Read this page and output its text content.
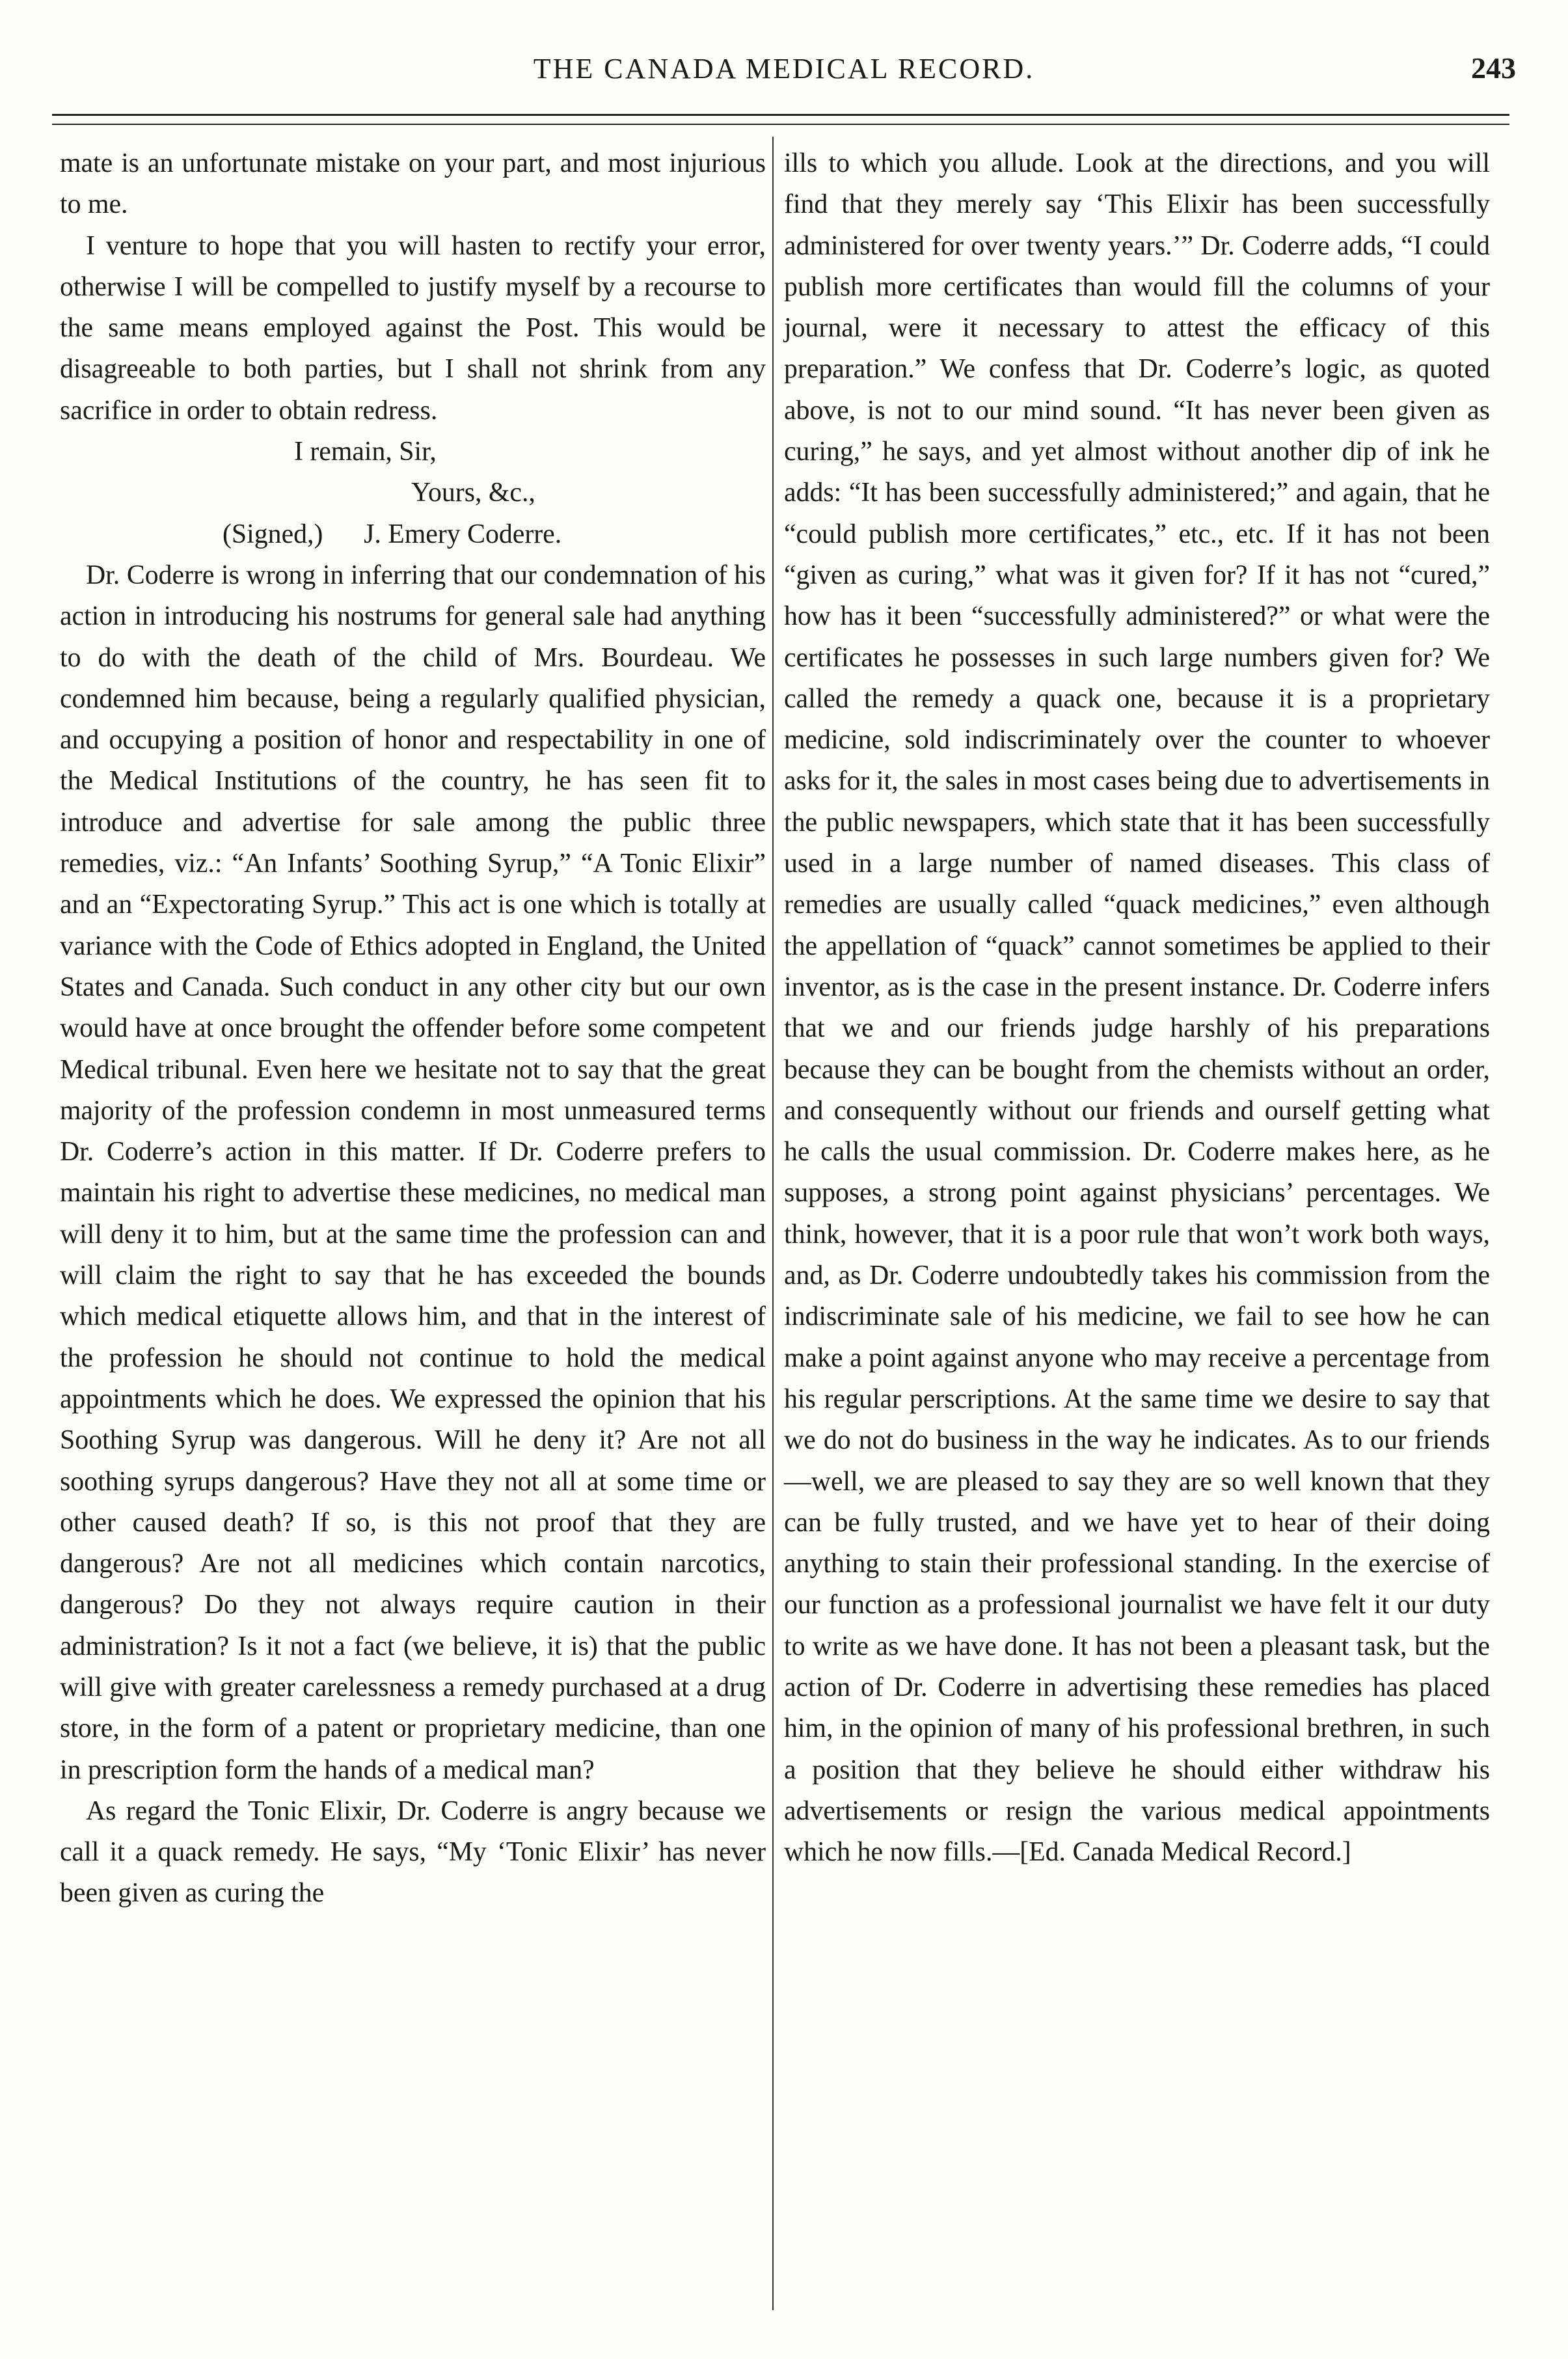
THE CANADA MEDICAL RECORD.	243

mate is an unfortunate mistake on your part, and most injurious to me.

I venture to hope that you will hasten to rectify your error, otherwise I will be compelled to justify myself by a recourse to the same means employed against the Post. This would be disagreeable to both parties, but I shall not shrink from any sacrifice in order to obtain redress.

I remain, Sir,

Yours, &c.,

(Signed,)      J. Emery Coderre.

Dr. Coderre is wrong in inferring that our condemnation of his action in introducing his nostrums for general sale had anything to do with the death of the child of Mrs. Bourdeau. We condemned him because, being a regularly qualified physician, and occupying a position of honor and respectability in one of the Medical Institutions of the country, he has seen fit to introduce and advertise for sale among the public three remedies, viz.: “An Infants’ Soothing Syrup,” “A Tonic Elixir” and an “Expectorating Syrup.” This act is one which is totally at variance with the Code of Ethics adopted in England, the United States and Canada. Such conduct in any other city but our own would have at once brought the offender before some competent Medical tribunal. Even here we hesitate not to say that the great majority of the profession condemn in most unmeasured terms Dr. Coderre’s action in this matter. If Dr. Coderre prefers to maintain his right to advertise these medicines, no medical man will deny it to him, but at the same time the profession can and will claim the right to say that he has exceeded the bounds which medical etiquette allows him, and that in the interest of the profession he should not continue to hold the medical appointments which he does. We expressed the opinion that his Soothing Syrup was dangerous. Will he deny it? Are not all soothing syrups dangerous? Have they not all at some time or other caused death? If so, is this not proof that they are dangerous? Are not all medicines which contain narcotics, dangerous? Do they not always require caution in their administration? Is it not a fact (we believe, it is) that the public will give with greater carelessness a remedy purchased at a drug store, in the form of a patent or proprietary medicine, than one in prescription form the hands of a medical man?

As regard the Tonic Elixir, Dr. Coderre is angry because we call it a quack remedy. He says, “My ‘Tonic Elixir’ has never been given as curing the

ills to which you allude. Look at the directions, and you will find that they merely say ‘This Elixir has been successfully administered for over twenty years.’” Dr. Coderre adds, “I could publish more certificates than would fill the columns of your journal, were it necessary to attest the efficacy of this preparation.” We confess that Dr. Coderre’s logic, as quoted above, is not to our mind sound. “It has never been given as curing,” he says, and yet almost without another dip of ink he adds: “It has been successfully administered;” and again, that he “could publish more certificates,” etc., etc. If it has not been “given as curing,” what was it given for? If it has not “cured,” how has it been “successfully administered?” or what were the certificates he possesses in such large numbers given for? We called the remedy a quack one, because it is a proprietary medicine, sold indiscriminately over the counter to whoever asks for it, the sales in most cases being due to advertisements in the public newspapers, which state that it has been successfully used in a large number of named diseases. This class of remedies are usually called “quack medicines,” even although the appellation of “quack” cannot sometimes be applied to their inventor, as is the case in the present instance. Dr. Coderre infers that we and our friends judge harshly of his preparations because they can be bought from the chemists without an order, and consequently without our friends and ourself getting what he calls the usual commission. Dr. Coderre makes here, as he supposes, a strong point against physicians’ percentages. We think, however, that it is a poor rule that won’t work both ways, and, as Dr. Coderre undoubtedly takes his commission from the indiscriminate sale of his medicine, we fail to see how he can make a point against anyone who may receive a percentage from his regular perscriptions. At the same time we desire to say that we do not do business in the way he indicates. As to our friends—well, we are pleased to say they are so well known that they can be fully trusted, and we have yet to hear of their doing anything to stain their professional standing. In the exercise of our function as a professional journalist we have felt it our duty to write as we have done. It has not been a pleasant task, but the action of Dr. Coderre in advertising these remedies has placed him, in the opinion of many of his professional brethren, in such a position that they believe he should either withdraw his advertisements or resign the various medical appointments which he now fills.—[Ed. Canada Medical Record.]
